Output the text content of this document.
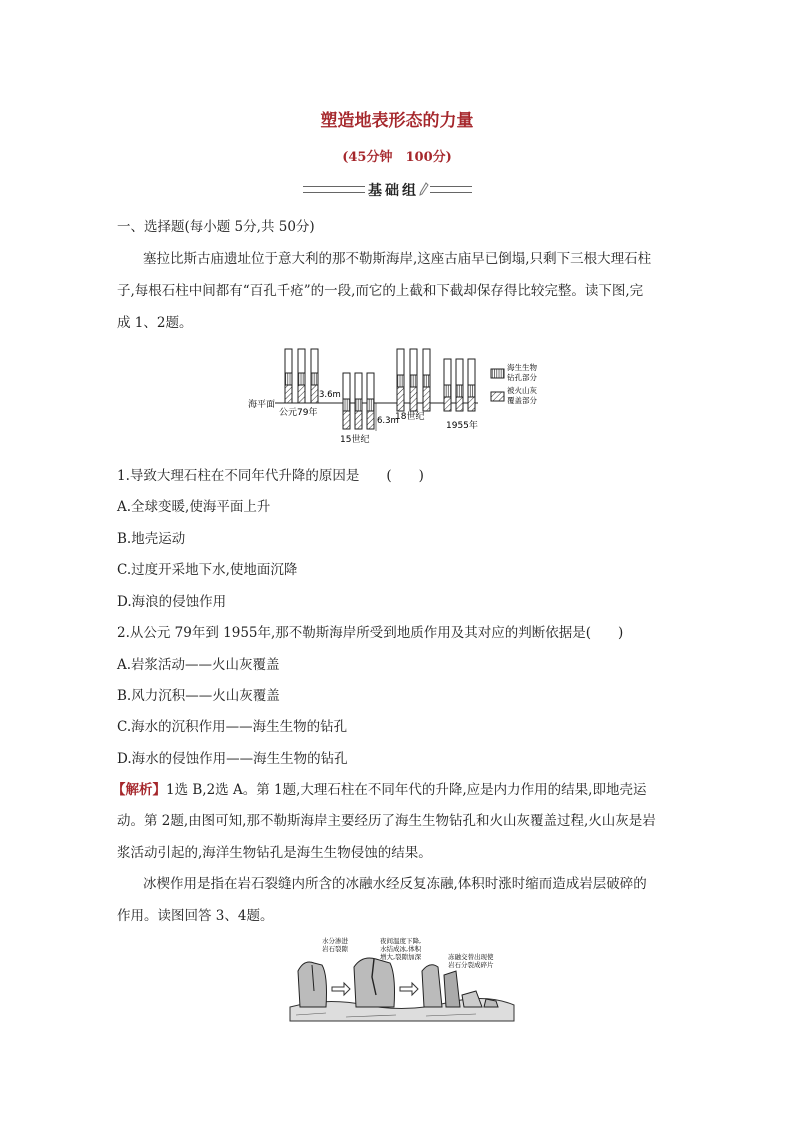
塑造地表形态的力量
(45分钟　100分)
基础组
一、选择题(每小题 5分,共 50分)
塞拉比斯古庙遗址位于意大利的那不勒斯海岸,这座古庙早已倒塌,只剩下三根大理石柱
子,每根石柱中间都有“百孔千疮”的一段,而它的上截和下截却保存得比较完整。读下图,完
成 1、2题。
海平面
3.6m
公元79年
6.3m
15世纪
18世纪
1955年
海生生物
钻孔部分
被火山灰
覆盖部分
1.导致大理石柱在不同年代升降的原因是　　(　　)
A.全球变暖,使海平面上升
B.地壳运动
C.过度开采地下水,使地面沉降
D.海浪的侵蚀作用
2.从公元 79年到 1955年,那不勒斯海岸所受到地质作用及其对应的判断依据是(　　)
A.岩浆活动——火山灰覆盖
B.风力沉积——火山灰覆盖
C.海水的沉积作用——海生生物的钻孔
D.海水的侵蚀作用——海生生物的钻孔
【解析】1选 B,2选 A。第 1题,大理石柱在不同年代的升降,应是内力作用的结果,即地壳运
动。第 2题,由图可知,那不勒斯海岸主要经历了海生生物钻孔和火山灰覆盖过程,火山灰是岩
浆活动引起的,海洋生物钻孔是海生生物侵蚀的结果。
冰楔作用是指在岩石裂缝内所含的冰融水经反复冻融,体积时涨时缩而造成岩层破碎的
作用。读图回答 3、4题。
水分渗进
岩石裂隙
夜间温度下降,
水结成冰,体积
增大,裂隙加深	冻融交替出现使
岩石分裂成碎片
